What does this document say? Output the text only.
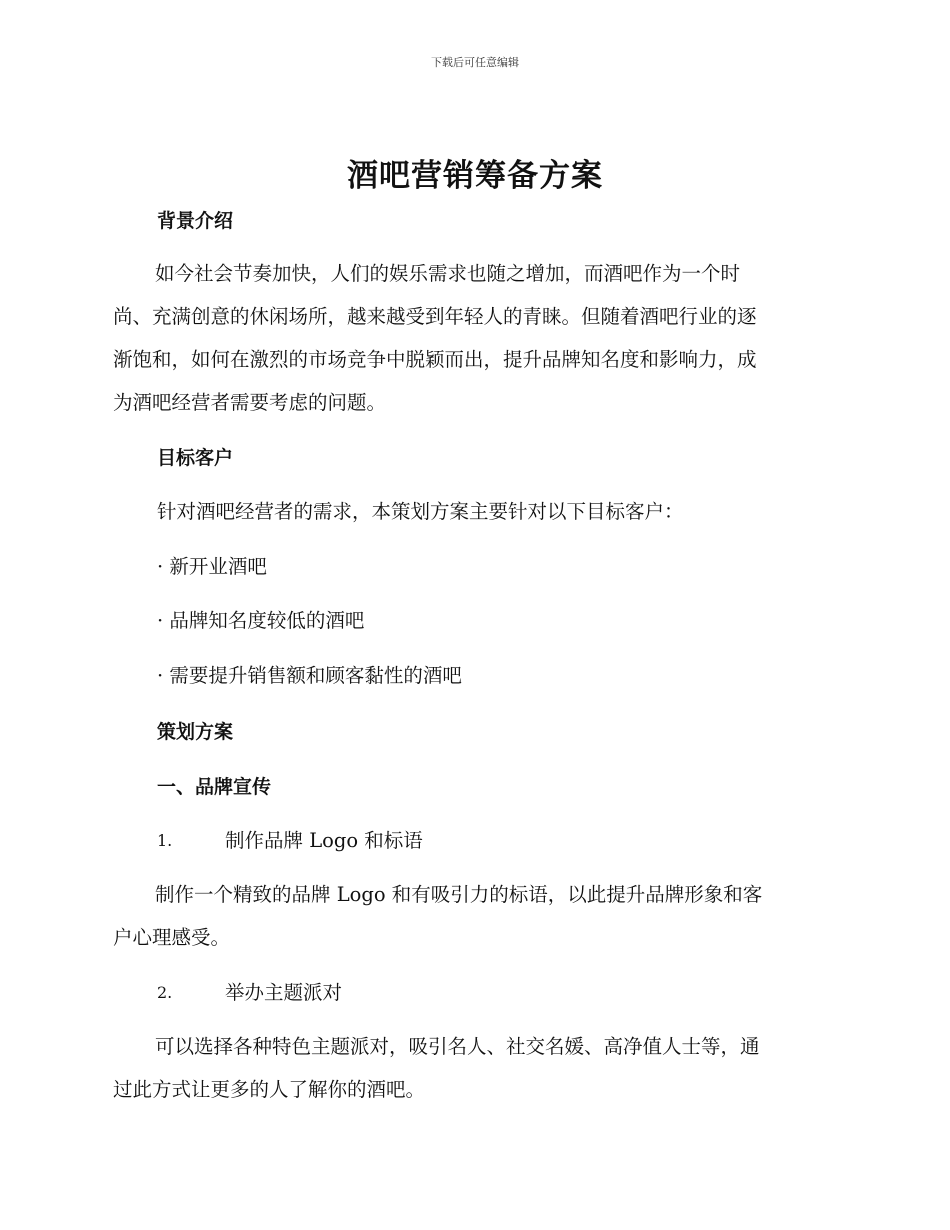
下载后可任意编辑
酒吧营销筹备方案
背景介绍
如今社会节奏加快，人们的娱乐需求也随之增加，而酒吧作为一个时
尚、充满创意的休闲场所，越来越受到年轻人的青睐。但随着酒吧行业的逐
渐饱和，如何在激烈的市场竞争中脱颖而出，提升品牌知名度和影响力，成
为酒吧经营者需要考虑的问题。
目标客户
针对酒吧经营者的需求，本策划方案主要针对以下目标客户：
· 新开业酒吧
· 品牌知名度较低的酒吧
· 需要提升销售额和顾客黏性的酒吧
策划方案
一、品牌宣传
1.	制作品牌 Logo 和标语
制作一个精致的品牌 Logo 和有吸引力的标语，以此提升品牌形象和客
户心理感受。
2.	举办主题派对
可以选择各种特色主题派对，吸引名人、社交名媛、高净值人士等，通
过此方式让更多的人了解你的酒吧。
